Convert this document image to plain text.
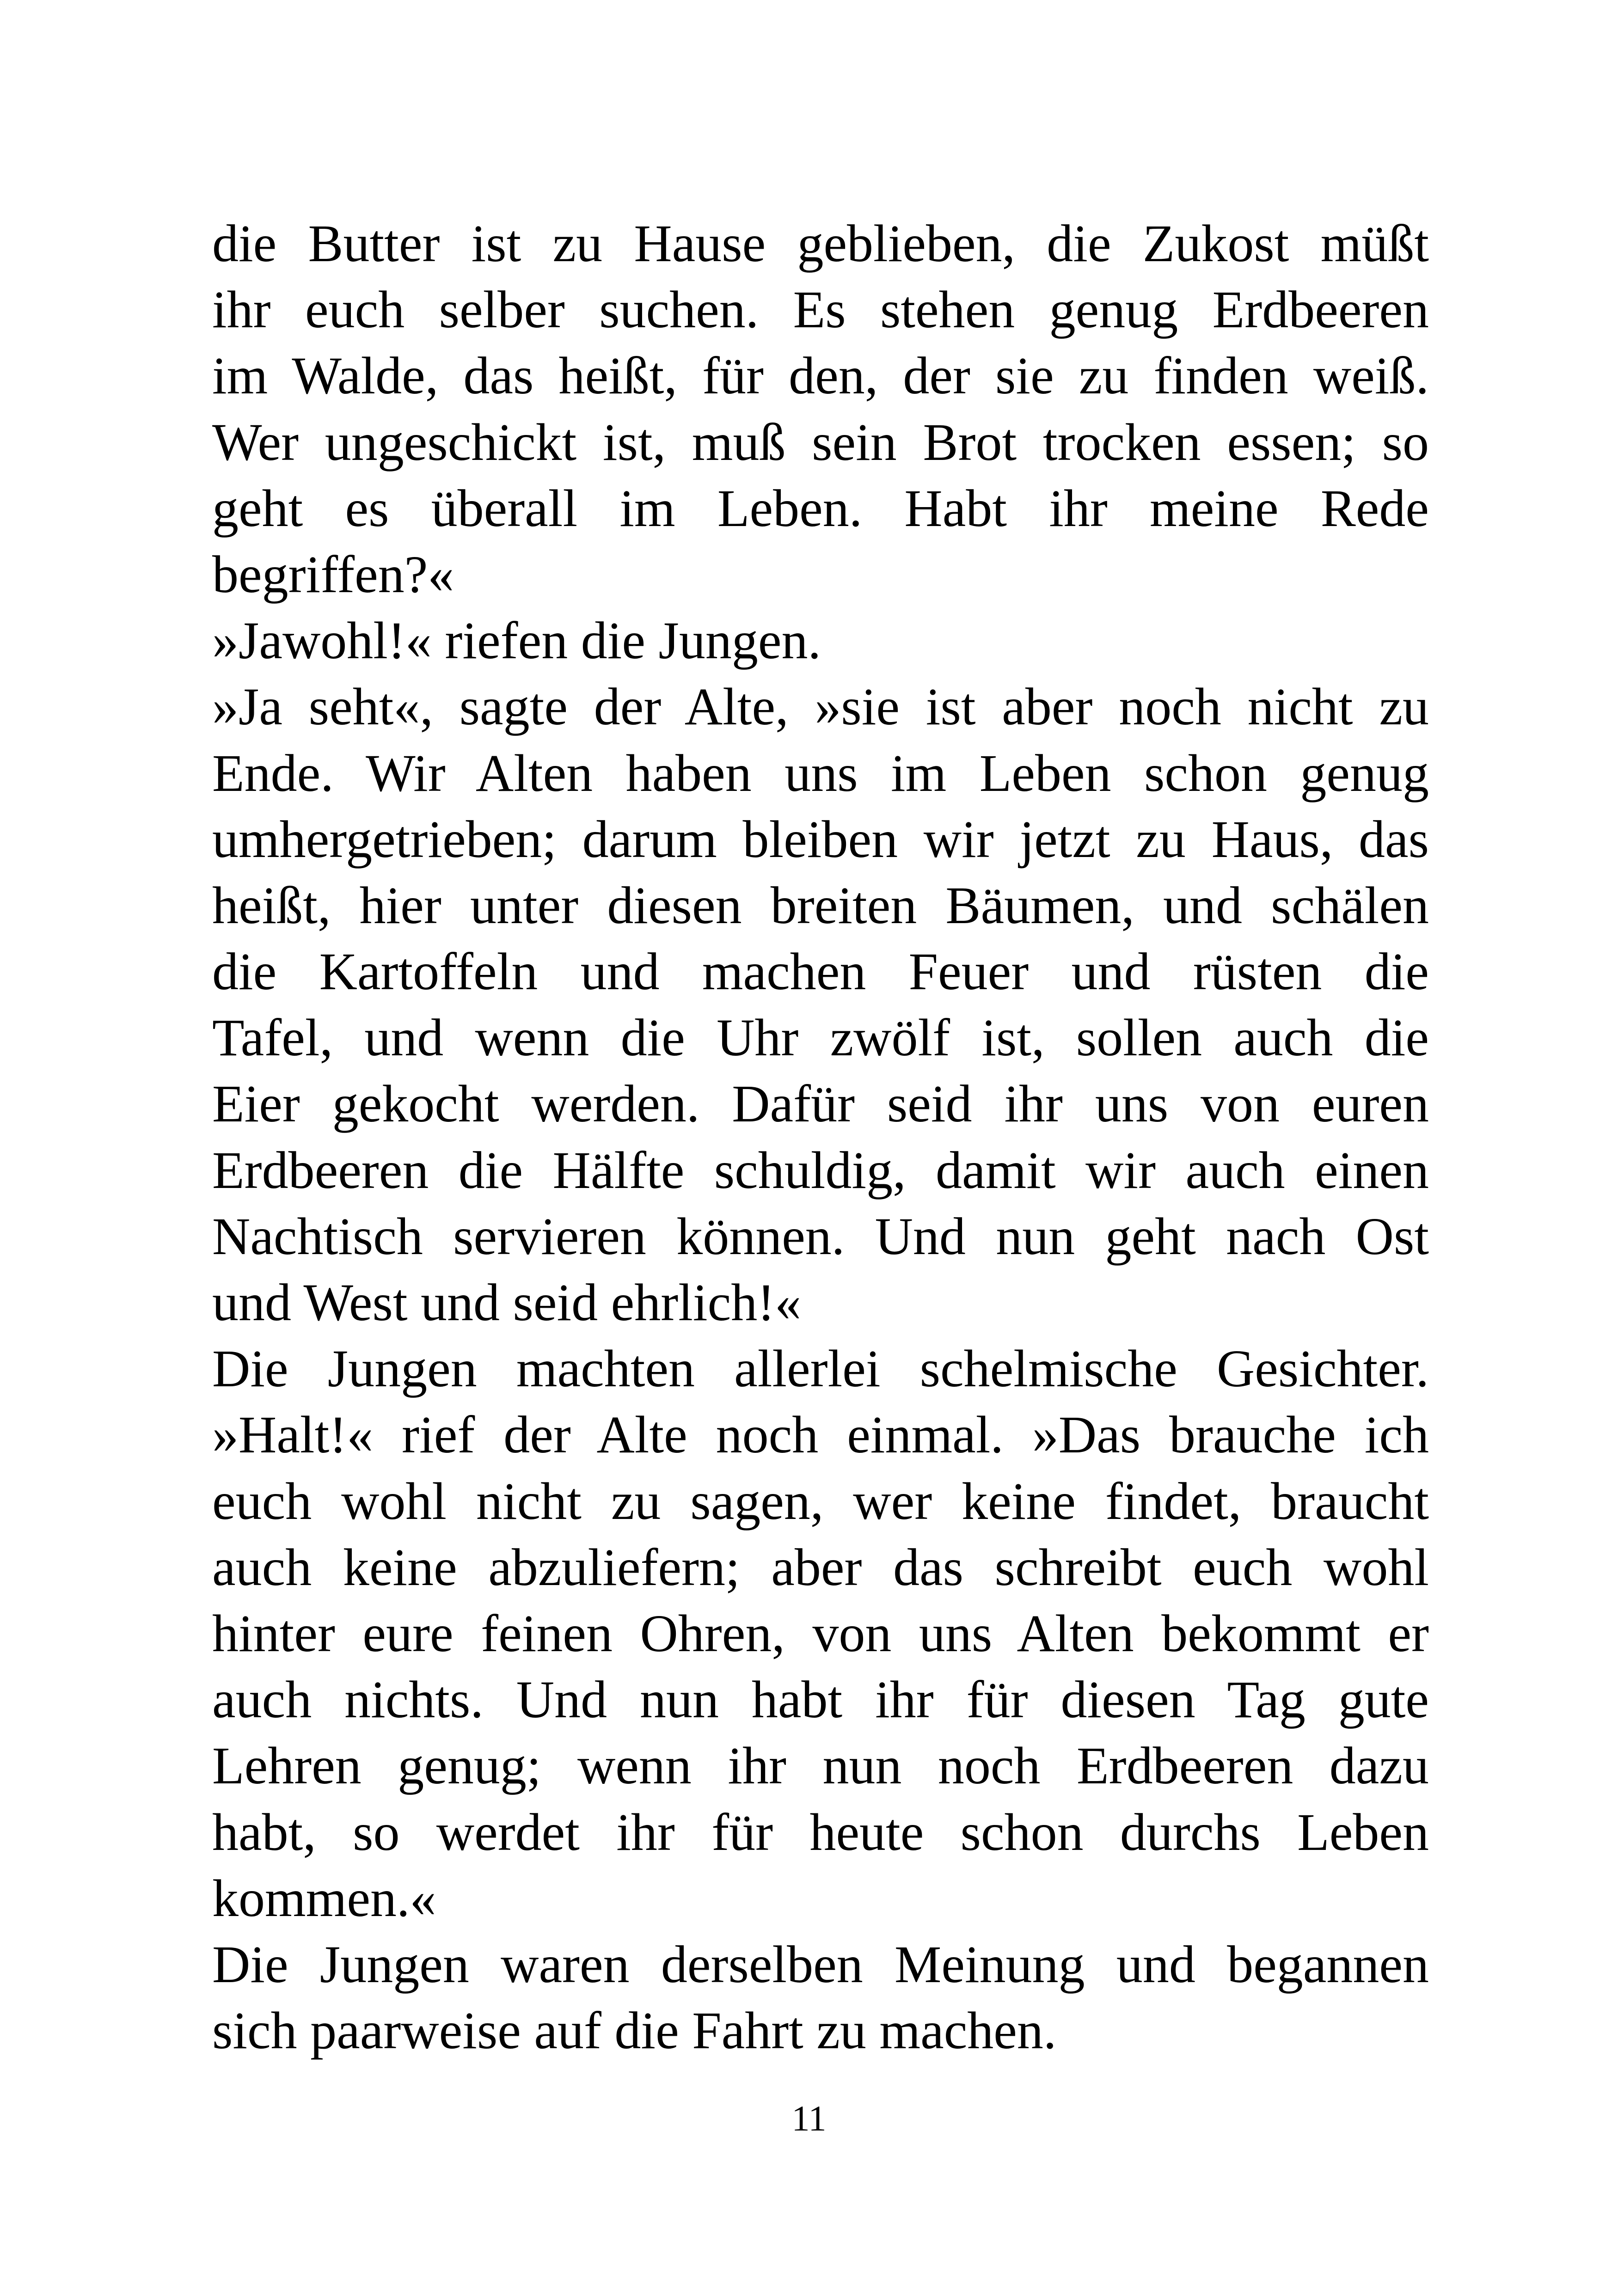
die Butter ist zu Hause geblieben, die Zukost müßt
ihr euch selber suchen. Es stehen genug Erdbeeren
im Walde, das heißt, für den, der sie zu finden weiß.
Wer ungeschickt ist, muß sein Brot trocken essen; so
geht es überall im Leben. Habt ihr meine Rede
begriffen?«
»Jawohl!« riefen die Jungen.
»Ja seht«, sagte der Alte, »sie ist aber noch nicht zu
Ende. Wir Alten haben uns im Leben schon genug
umhergetrieben; darum bleiben wir jetzt zu Haus, das
heißt, hier unter diesen breiten Bäumen, und schälen
die Kartoffeln und machen Feuer und rüsten die
Tafel, und wenn die Uhr zwölf ist, sollen auch die
Eier gekocht werden. Dafür seid ihr uns von euren
Erdbeeren die Hälfte schuldig, damit wir auch einen
Nachtisch servieren können. Und nun geht nach Ost
und West und seid ehrlich!«
Die Jungen machten allerlei schelmische Gesichter.
»Halt!« rief der Alte noch einmal. »Das brauche ich
euch wohl nicht zu sagen, wer keine findet, braucht
auch keine abzuliefern; aber das schreibt euch wohl
hinter eure feinen Ohren, von uns Alten bekommt er
auch nichts. Und nun habt ihr für diesen Tag gute
Lehren genug; wenn ihr nun noch Erdbeeren dazu
habt, so werdet ihr für heute schon durchs Leben
kommen.«
Die Jungen waren derselben Meinung und begannen
sich paarweise auf die Fahrt zu machen.
11
